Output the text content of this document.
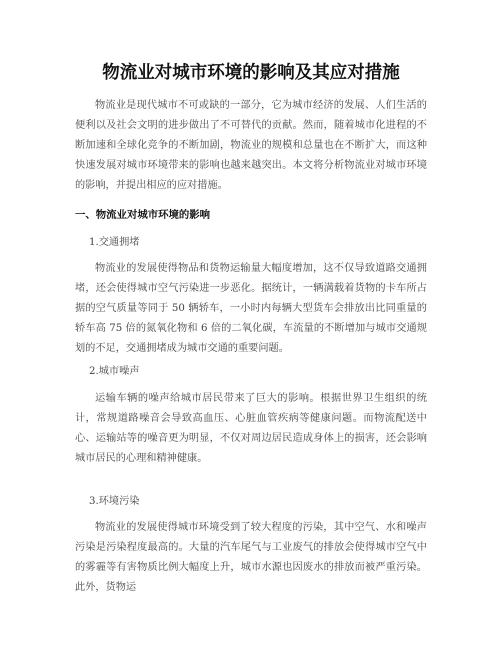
物流业对城市环境的影响及其应对措施

物流业是现代城市不可或缺的一部分，它为城市经济的发展、人们生活的便利以及社会文明的进步做出了不可替代的贡献。然而，随着城市化进程的不断加速和全球化竞争的不断加剧，物流业的规模和总量也在不断扩大，而这种快速发展对城市环境带来的影响也越来越突出。本文将分析物流业对城市环境的影响，并提出相应的应对措施。

一、物流业对城市环境的影响

1.交通拥堵

物流业的发展使得物品和货物运输量大幅度增加，这不仅导致道路交通拥堵，还会使得城市空气污染进一步恶化。据统计，一辆满载着货物的卡车所占据的空气质量等同于 50 辆轿车，一小时内每辆大型货车会排放出比同重量的轿车高 75 倍的氮氧化物和 6 倍的二氧化碳，车流量的不断增加与城市交通规划的不足，交通拥堵成为城市交通的重要问题。

2.城市噪声

运输车辆的噪声给城市居民带来了巨大的影响。根据世界卫生组织的统计，常规道路噪音会导致高血压、心脏血管疾病等健康问题。而物流配送中心、运输站等的噪音更为明显，不仅对周边居民造成身体上的损害，还会影响城市居民的心理和精神健康。

3.环境污染

物流业的发展使得城市环境受到了较大程度的污染，其中空气、水和噪声污染是污染程度最高的。大量的汽车尾气与工业废气的排放会使得城市空气中的雾霾等有害物质比例大幅度上升，城市水源也因废水的排放而被严重污染。此外，货物运
